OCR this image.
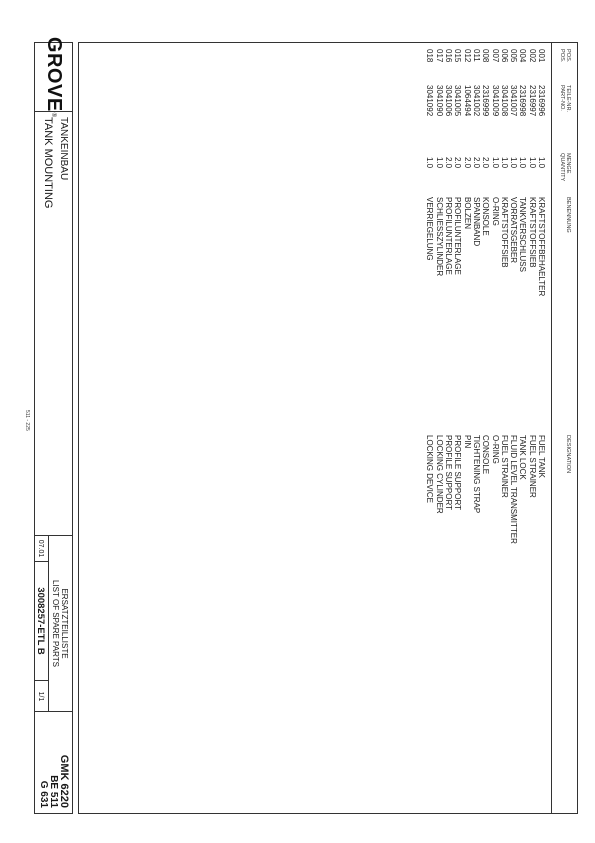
POS.
POS.
TEILE-NR.
PART-NO.
MENGE
QUANTITY
BENENNUNG
DESIGNATION
001
002
004
005
006
007
008
011
012
015
016
017
018
2316996
2316997
2316998
3041007
3041008
3041009
2316999
3041002
1064494
3041005
3041006
3041090
3041092
1.0
1.0
1.0
1.0
1.0
1.0
2.0
2.0
2.0
2.0
2.0
1.0
1.0
KRAFTSTOFFBEHAELTER
KRAFTSTOFFSIEB
TANKVERSCHLUSS
VORRATSGEBER
KRAFTSTOFFSIEB
O-RING
KONSOLE
SPANNBAND
BOLZEN
PROFILUNTERLAGE
PROFILUNTERLAGE
SCHLIESSZYLINDER
VERRIEGELUNG
FUEL TANK
FUEL STRAINER
TANK LOCK
FLUID LEVEL TRANSMITTER
FUEL STRAINER
O-RING
CONSOLE
TIGHTENING STRAP
PIN
PROFILE SUPPORT
PROFILE SUPPORT
LOCKING CYLINDER
LOCKING DEVICE
GROVE
®
TANKEINBAU
TANK MOUNTING
ERSATZTEILLISTE
LIST OF SPARE PARTS
07.01
3008257-ETL B
1/1
GMK 6220
BE 511
G 631
511 - 225
